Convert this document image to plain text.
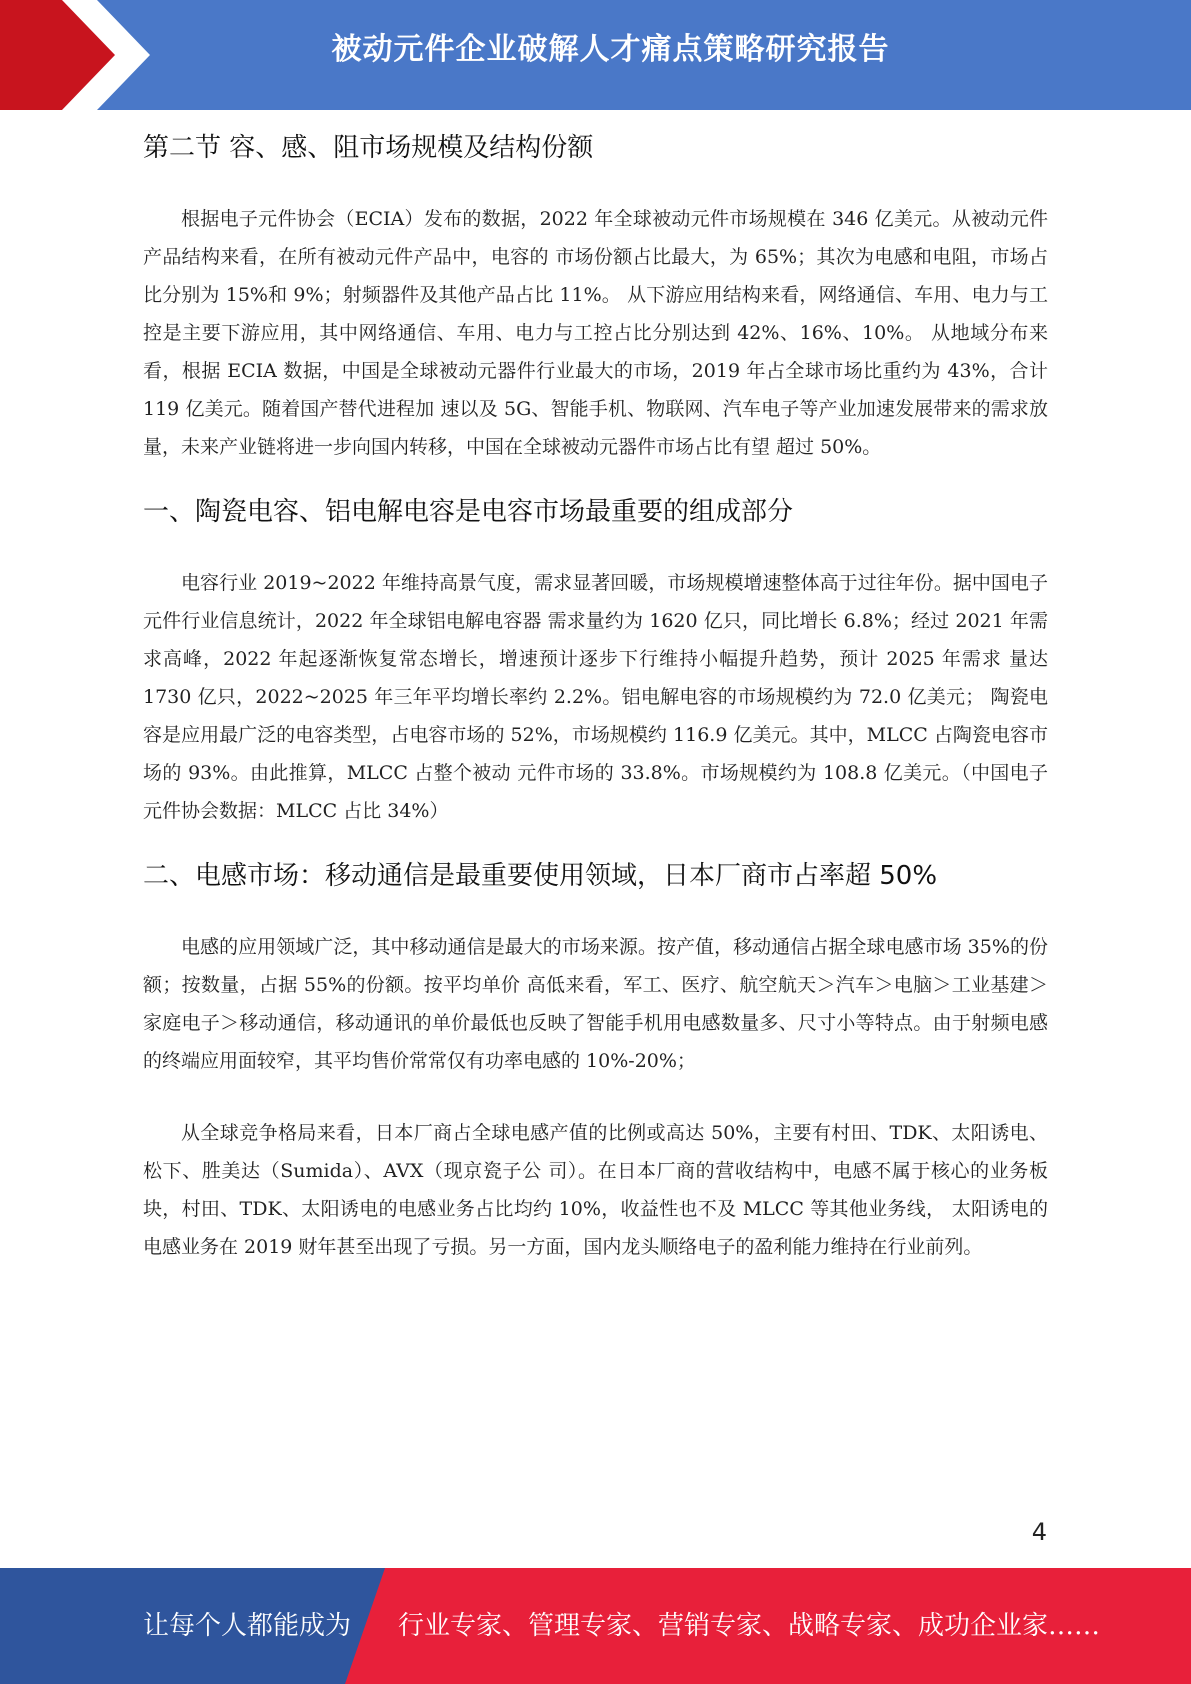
被动元件企业破解人才痛点策略研究报告
第二节 容、感、阻市场规模及结构份额

根据电子元件协会（ECIA）发布的数据，2022 年全球被动元件市场规模在 346 亿美元。从被动元件产品结构来看，在所有被动元件产品中，电容的 市场份额占比最大，为 65%；其次为电感和电阻，市场占比分别为 15%和 9%；射频器件及其他产品占比 11%。 从下游应用结构来看，网络通信、车用、电力与工控是主要下游应用，其中网络通信、车用、电力与工控占比分别达到 42%、16%、10%。 从地域分布来看，根据 ECIA 数据，中国是全球被动元器件行业最大的市场，2019 年占全球市场比重约为 43%，合计 119 亿美元。随着国产替代进程加 速以及 5G、智能手机、物联网、汽车电子等产业加速发展带来的需求放量，未来产业链将进一步向国内转移，中国在全球被动元器件市场占比有望 超过 50%。

一、陶瓷电容、铝电解电容是电容市场最重要的组成部分

电容行业 2019~2022 年维持高景气度，需求显著回暖，市场规模增速整体高于过往年份。据中国电子元件行业信息统计，2022 年全球铝电解电容器 需求量约为 1620 亿只，同比增长 6.8%；经过 2021 年需求高峰，2022 年起逐渐恢复常态增长，增速预计逐步下行维持小幅提升趋势，预计 2025 年需求 量达 1730 亿只，2022~2025 年三年平均增长率约 2.2%。铝电解电容的市场规模约为 72.0 亿美元； 陶瓷电容是应用最广泛的电容类型，占电容市场的 52%，市场规模约 116.9 亿美元。其中，MLCC 占陶瓷电容市场的 93%。由此推算，MLCC 占整个被动 元件市场的 33.8%。市场规模约为 108.8 亿美元。（中国电子元件协会数据：MLCC 占比 34%）

二、电感市场：移动通信是最重要使用领域，日本厂商市占率超 50%

电感的应用领域广泛，其中移动通信是最大的市场来源。按产值，移动通信占据全球电感市场 35%的份额；按数量，占据 55%的份额。按平均单价 高低来看，军工、医疗、航空航天＞汽车＞电脑＞工业基建＞家庭电子＞移动通信，移动通讯的单价最低也反映了智能手机用电感数量多、尺寸小等特点。由于射频电感的终端应用面较窄，其平均售价常常仅有功率电感的 10%-20%；

从全球竞争格局来看，日本厂商占全球电感产值的比例或高达 50%，主要有村田、TDK、太阳诱电、松下、胜美达（Sumida）、AVX（现京瓷子公 司）。在日本厂商的营收结构中，电感不属于核心的业务板块，村田、TDK、太阳诱电的电感业务占比均约 10%，收益性也不及 MLCC 等其他业务线， 太阳诱电的电感业务在 2019 财年甚至出现了亏损。另一方面，国内龙头顺络电子的盈利能力维持在行业前列。

4
让每个人都能成为 行业专家、管理专家、营销专家、战略专家、成功企业家……
